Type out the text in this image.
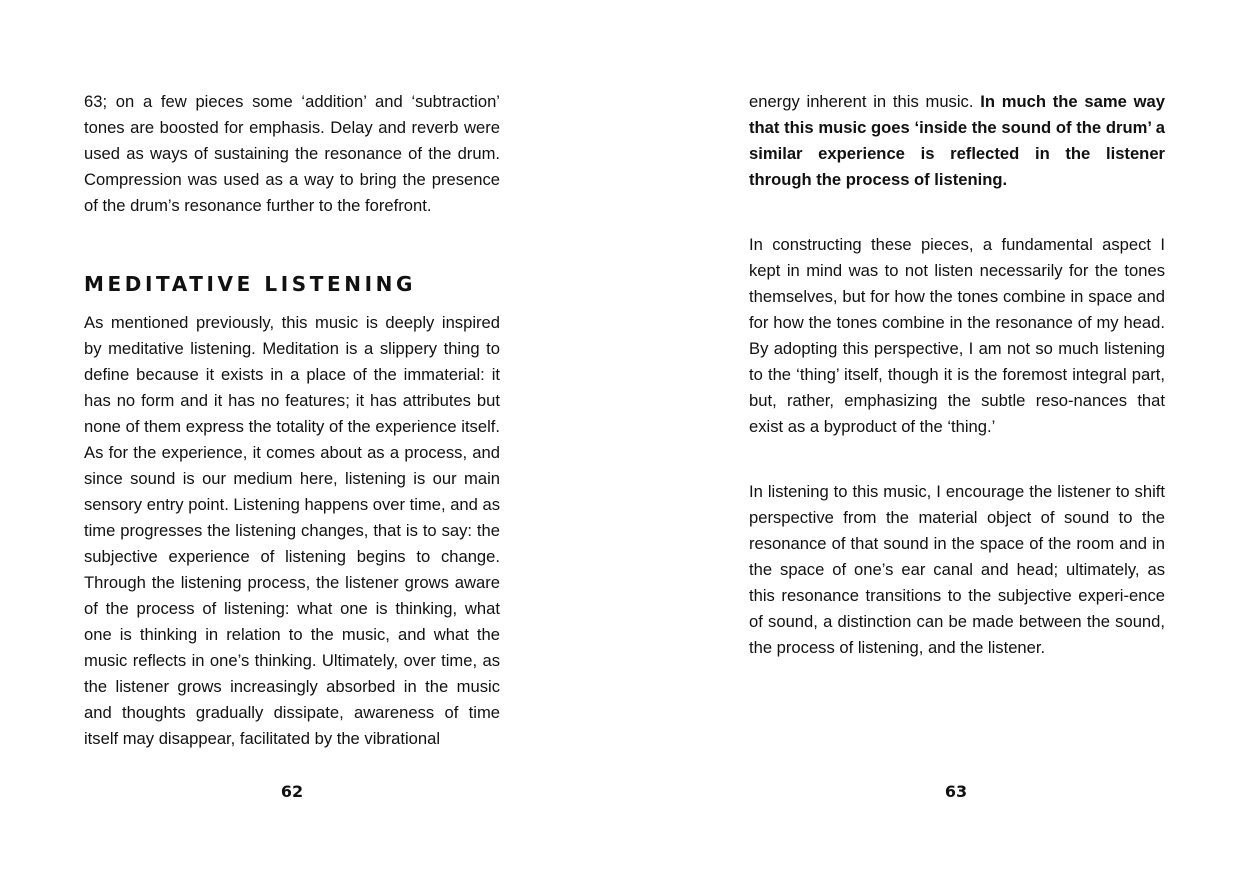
63; on a few pieces some ‘addition’ and ‘subtraction’ tones are boosted for emphasis. Delay and reverb were used as ways of sustaining the resonance of the drum. Compression was used as a way to bring the presence of the drum’s resonance further to the forefront.

MEDITATIVE LISTENING

As mentioned previously, this music is deeply inspired by meditative listening. Meditation is a slippery thing to define because it exists in a place of the immaterial: it has no form and it has no features; it has attributes but none of them express the totality of the experience itself. As for the experience, it comes about as a process, and since sound is our medium here, listening is our main sensory entry point. Listening happens over time, and as time progresses the listening changes, that is to say: the subjective experience of listening begins to change. Through the listening process, the listener grows aware of the process of listening: what one is thinking, what one is thinking in relation to the music, and what the music reflects in one’s thinking. Ultimately, over time, as the listener grows increasingly absorbed in the music and thoughts gradually dissipate, awareness of time itself may disappear, facilitated by the vibrational

62

energy inherent in this music. In much the same way that this music goes ‘inside the sound of the drum’ a similar experience is reflected in the listener through the process of listening.

In constructing these pieces, a fundamental aspect I kept in mind was to not listen necessarily for the tones themselves, but for how the tones combine in space and for how the tones combine in the resonance of my head. By adopting this perspective, I am not so much listening to the ‘thing’ itself, though it is the foremost integral part, but, rather, emphasizing the subtle reso-nances that exist as a byproduct of the ‘thing.’

In listening to this music, I encourage the listener to shift perspective from the material object of sound to the resonance of that sound in the space of the room and in the space of one’s ear canal and head; ultimately, as this resonance transitions to the subjective experi-ence of sound, a distinction can be made between the sound, the process of listening, and the listener.

63
